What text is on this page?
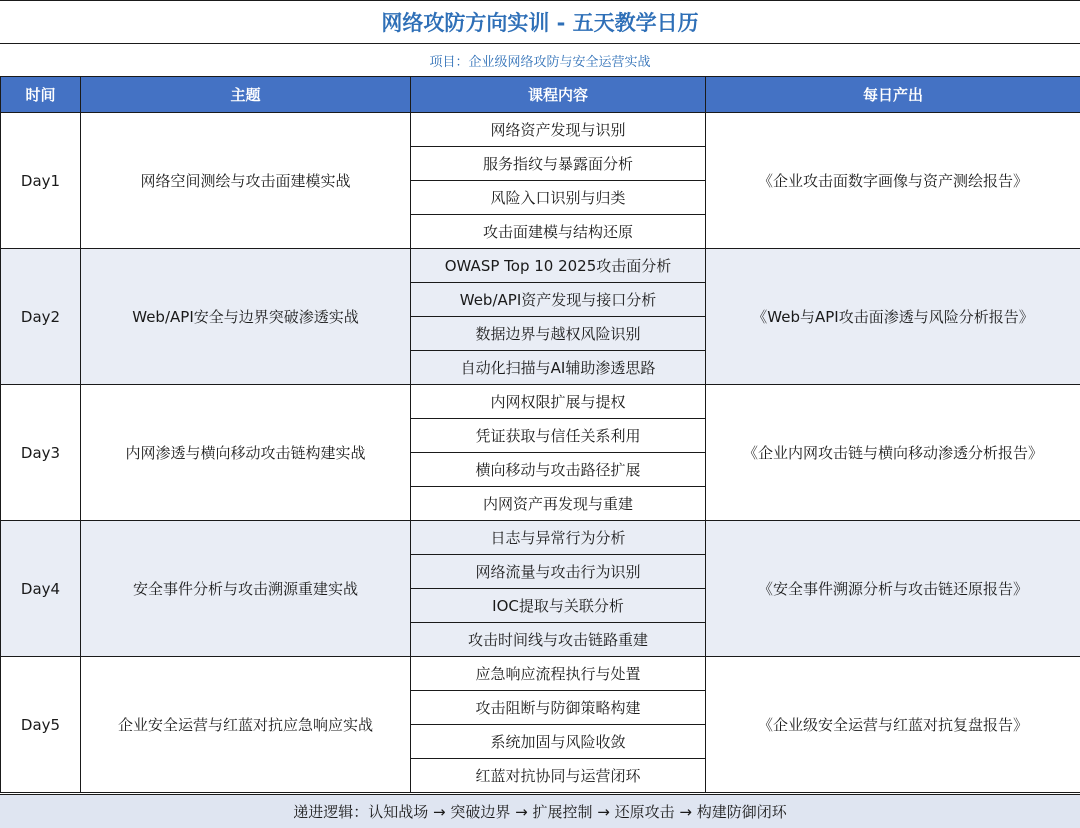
网络攻防方向实训 - 五天教学日历
项目：企业级网络攻防与安全运营实战
时间	主题	课程内容	每日产出
Day1	网络空间测绘与攻击面建模实战	网络资产发现与识别	《企业攻击面数字画像与资产测绘报告》
		服务指纹与暴露面分析	
		风险入口识别与归类	
		攻击面建模与结构还原	
Day2	Web/API安全与边界突破渗透实战	OWASP Top 10 2025攻击面分析	《Web与API攻击面渗透与风险分析报告》
		Web/API资产发现与接口分析	
		数据边界与越权风险识别	
		自动化扫描与AI辅助渗透思路	
Day3	内网渗透与横向移动攻击链构建实战	内网权限扩展与提权	《企业内网攻击链与横向移动渗透分析报告》
		凭证获取与信任关系利用	
		横向移动与攻击路径扩展	
		内网资产再发现与重建	
Day4	安全事件分析与攻击溯源重建实战	日志与异常行为分析	《安全事件溯源分析与攻击链还原报告》
		网络流量与攻击行为识别	
		IOC提取与关联分析	
		攻击时间线与攻击链路重建	
Day5	企业安全运营与红蓝对抗应急响应实战	应急响应流程执行与处置	《企业级安全运营与红蓝对抗复盘报告》
		攻击阻断与防御策略构建	
		系统加固与风险收敛	
		红蓝对抗协同与运营闭环	
递进逻辑：认知战场 → 突破边界 → 扩展控制 → 还原攻击 → 构建防御闭环
